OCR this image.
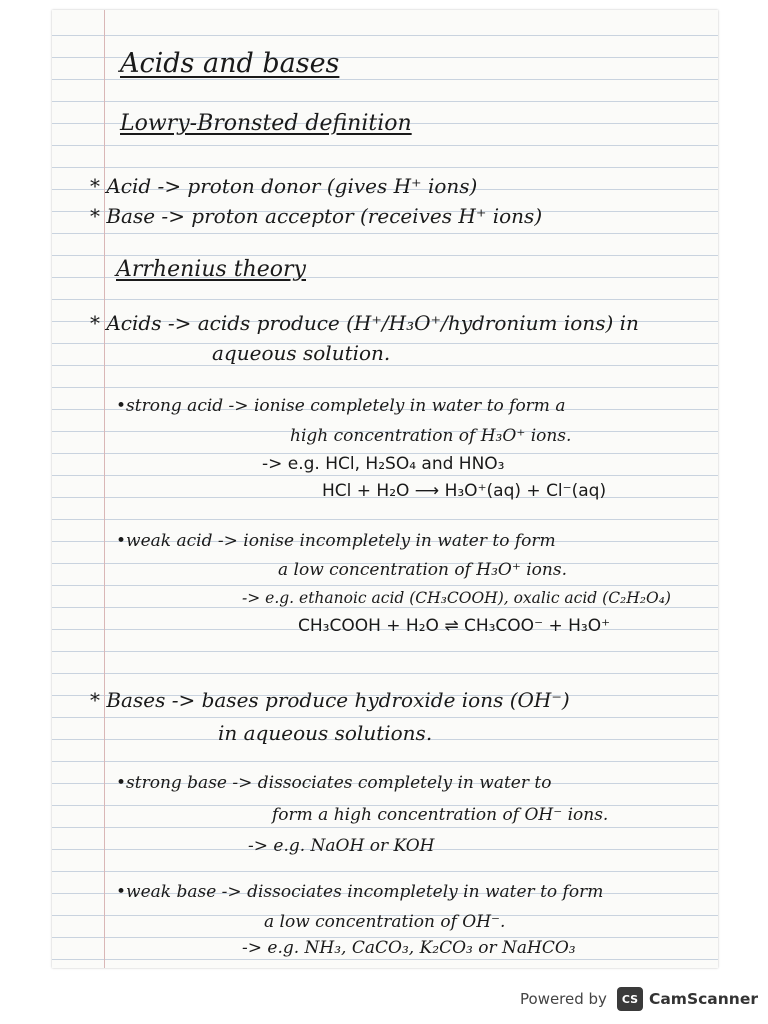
Acids and bases
Lowry-Bronsted definition
* Acid -> proton donor (gives H⁺ ions)
* Base -> proton acceptor (receives H⁺ ions)
Arrhenius theory
* Acids -> acids produce (H⁺/H₃O⁺/hydronium ions) in
aqueous solution.
•strong acid -> ionise completely in water to form a
high concentration of H₃O⁺ ions.
-> e.g. HCl, H₂SO₄ and HNO₃
HCl + H₂O ⟶ H₃O⁺(aq) + Cl⁻(aq)
•weak acid -> ionise incompletely in water to form
a low concentration of H₃O⁺ ions.
-> e.g. ethanoic acid (CH₃COOH), oxalic acid (C₂H₂O₄)
CH₃COOH + H₂O ⇌ CH₃COO⁻ + H₃O⁺
* Bases -> bases produce hydroxide ions (OH⁻)
in aqueous solutions.
•strong base -> dissociates completely in water to
form a high concentration of OH⁻ ions.
-> e.g. NaOH or KOH
•weak base -> dissociates incompletely in water to form
a low concentration of OH⁻.
-> e.g. NH₃, CaCO₃, K₂CO₃ or NaHCO₃
Powered by	CS CamScanner
